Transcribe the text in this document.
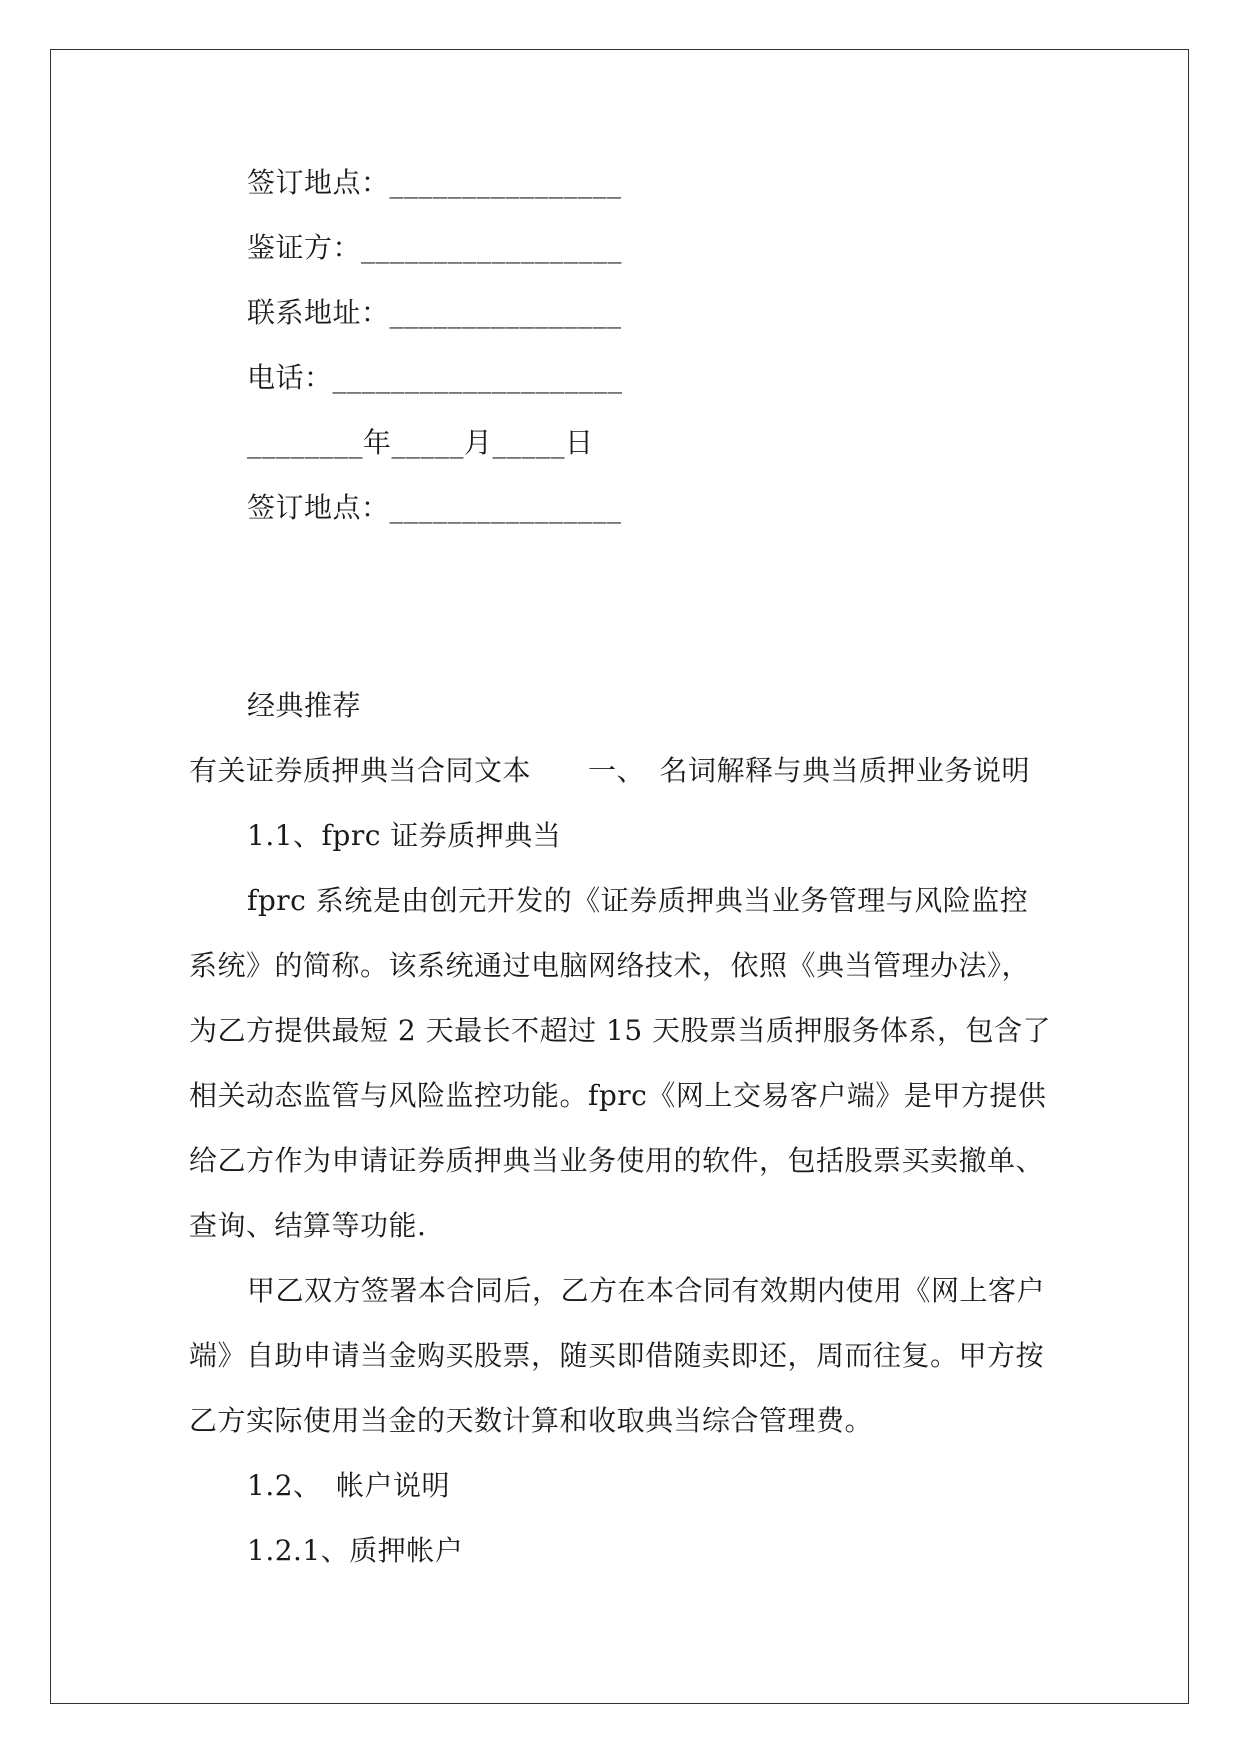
签订地点：________________
鉴证方：__________________
联系地址：________________
电话：____________________
________年_____月_____日
签订地点：________________
经典推荐
有关证券质押典当合同文本　　一、　名词解释与典当质押业务说明
1.1、fprc 证券质押典当
fprc 系统是由创元开发的《证券质押典当业务管理与风险监控
系统》的简称。该系统通过电脑网络技术，依照《典当管理办法》，
为乙方提供最短 2 天最长不超过 15 天股票当质押服务体系，包含了
相关动态监管与风险监控功能。fprc《网上交易客户端》是甲方提供
给乙方作为申请证券质押典当业务使用的软件，包括股票买卖撤单、
查询、结算等功能.
甲乙双方签署本合同后，乙方在本合同有效期内使用《网上客户
端》自助申请当金购买股票，随买即借随卖即还，周而往复。甲方按
乙方实际使用当金的天数计算和收取典当综合管理费。
1.2、　帐户说明
1.2.1、质押帐户
